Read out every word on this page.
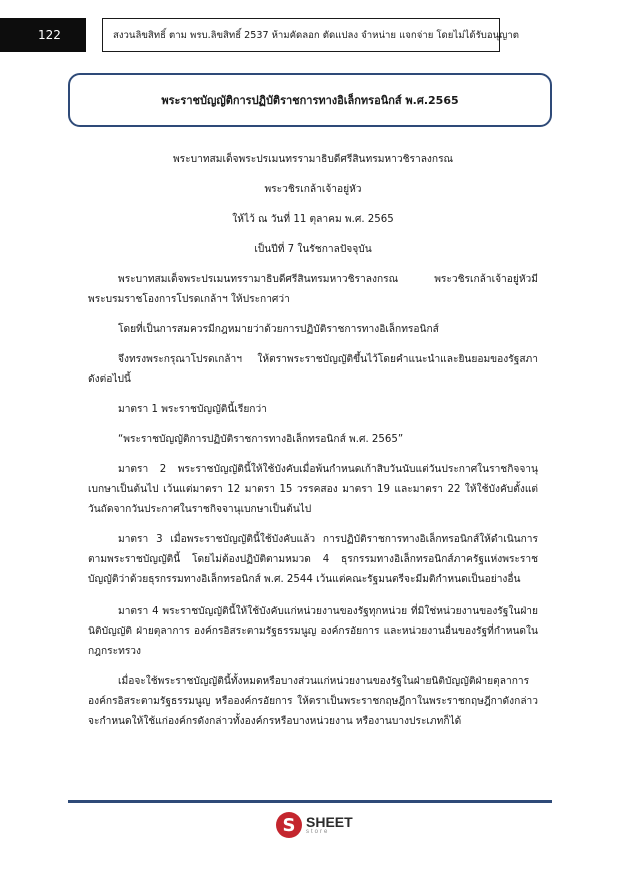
122	สงวนลิขสิทธิ์ ตาม พรบ.ลิขสิทธิ์ 2537 ห้ามคัดลอก ตัดแปลง จำหน่าย แจกจ่าย โดยไม่ได้รับอนุญาต
พระราชบัญญัติการปฏิบัติราชการทางอิเล็กทรอนิกส์ พ.ศ.2565

พระบาทสมเด็จพระปรเมนทรรามาธิบดีศรีสินทรมหาวชิราลงกรณ

พระวชิรเกล้าเจ้าอยู่หัว

ให้ไว้ ณ วันที่ 11 ตุลาคม พ.ศ. 2565

เป็นปีที่ 7 ในรัชกาลปัจจุบัน

พระบาทสมเด็จพระปรเมนทรรามาธิบดีศรีสินทรมหาวชิราลงกรณ พระวชิรเกล้าเจ้าอยู่หัวมีพระบรมราชโองการโปรดเกล้าฯ ให้ประกาศว่า

โดยที่เป็นการสมควรมีกฎหมายว่าด้วยการปฏิบัติราชการทางอิเล็กทรอนิกส์

จึงทรงพระกรุณาโปรดเกล้าฯ ให้ตราพระราชบัญญัติขึ้นไว้โดยคำแนะนำและยินยอมของรัฐสภา ดังต่อไปนี้

มาตรา 1 พระราชบัญญัตินี้เรียกว่า

“พระราชบัญญัติการปฏิบัติราชการทางอิเล็กทรอนิกส์ พ.ศ. 2565”

มาตรา 2 พระราชบัญญัตินี้ให้ใช้บังคับเมื่อพ้นกำหนดเก้าสิบวันนับแต่วันประกาศในราชกิจจานุเบกษาเป็นต้นไป เว้นแต่มาตรา 12 มาตรา 15 วรรคสอง มาตรา 19 และมาตรา 22 ให้ใช้บังคับตั้งแต่วันถัดจากวันประกาศในราชกิจจานุเบกษาเป็นต้นไป

มาตรา 3 เมื่อพระราชบัญญัตินี้ใช้บังคับแล้ว การปฏิบัติราชการทางอิเล็กทรอนิกส์ให้ดำเนินการตามพระราชบัญญัตินี้ โดยไม่ต้องปฏิบัติตามหมวด 4 ธุรกรรมทางอิเล็กทรอนิกส์ภาครัฐแห่งพระราชบัญญัติว่าด้วยธุรกรรมทางอิเล็กทรอนิกส์ พ.ศ. 2544 เว้นแต่คณะรัฐมนตรีจะมีมติกำหนดเป็นอย่างอื่น

มาตรา 4 พระราชบัญญัตินี้ให้ใช้บังคับแก่หน่วยงานของรัฐทุกหน่วย ที่มิใช่หน่วยงานของรัฐในฝ่ายนิติบัญญัติ ฝ่ายตุลาการ องค์กรอิสระตามรัฐธรรมนูญ องค์กรอัยการ และหน่วยงานอื่นของรัฐที่กำหนดในกฎกระทรวง

เมื่อจะใช้พระราชบัญญัตินี้ทั้งหมดหรือบางส่วนแก่หน่วยงานของรัฐในฝ่ายนิติบัญญัติฝ่ายตุลาการ องค์กรอิสระตามรัฐธรรมนูญ หรือองค์กรอัยการ ให้ตราเป็นพระราชกฤษฎีกาในพระราชกฤษฎีกาดังกล่าวจะกำหนดให้ใช้แก่องค์กรดังกล่าวทั้งองค์กรหรือบางหน่วยงาน หรืองานบางประเภทก็ได้

S SHEET
store
